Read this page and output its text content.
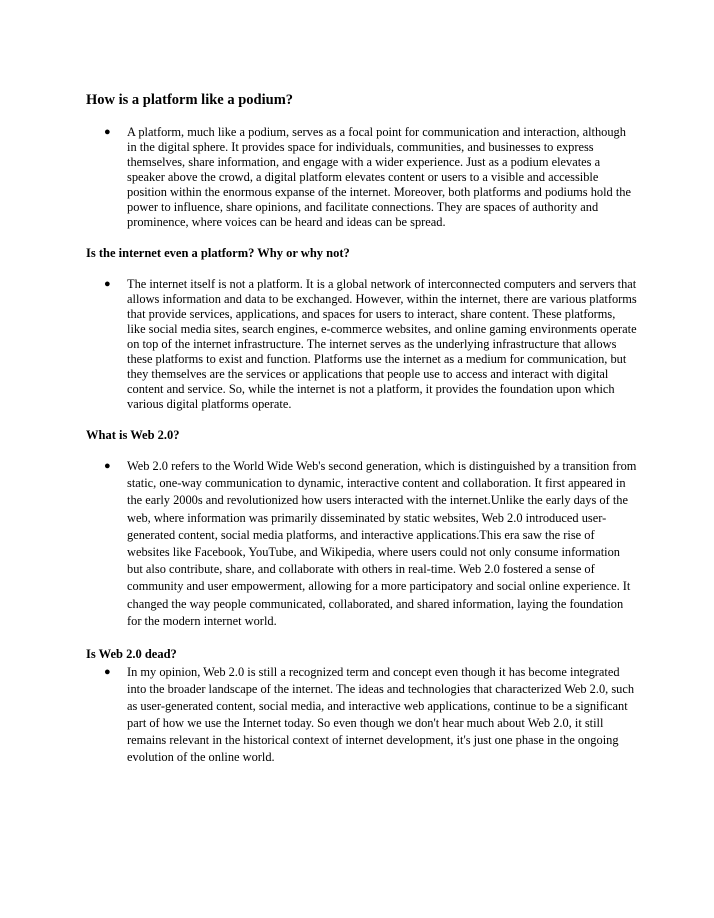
How is a platform like a podium?
● A platform, much like a podium, serves as a focal point for communication and interaction, although in the digital sphere. It provides space for individuals, communities, and businesses to express themselves, share information, and engage with a wider experience. Just as a podium elevates a speaker above the crowd, a digital platform elevates content or users to a visible and accessible position within the enormous expanse of the internet. Moreover, both platforms and podiums hold the power to influence, share opinions, and facilitate connections. They are spaces of authority and prominence, where voices can be heard and ideas can be spread.

Is the internet even a platform? Why or why not?
● The internet itself is not a platform. It is a global network of interconnected computers and servers that allows information and data to be exchanged. However, within the internet, there are various platforms that provide services, applications, and spaces for users to interact, share content. These platforms, like social media sites, search engines, e-commerce websites, and online gaming environments operate on top of the internet infrastructure. The internet serves as the underlying infrastructure that allows these platforms to exist and function. Platforms use the internet as a medium for communication, but they themselves are the services or applications that people use to access and interact with digital content and service. So, while the internet is not a platform, it provides the foundation upon which various digital platforms operate.

What is Web 2.0?
● Web 2.0 refers to the World Wide Web's second generation, which is distinguished by a transition from static, one-way communication to dynamic, interactive content and collaboration. It first appeared in the early 2000s and revolutionized how users interacted with the internet.Unlike the early days of the web, where information was primarily disseminated by static websites, Web 2.0 introduced user-generated content, social media platforms, and interactive applications.This era saw the rise of websites like Facebook, YouTube, and Wikipedia, where users could not only consume information but also contribute, share, and collaborate with others in real-time. Web 2.0 fostered a sense of community and user empowerment, allowing for a more participatory and social online experience. It changed the way people communicated, collaborated, and shared information, laying the foundation for the modern internet world.

Is Web 2.0 dead?
● In my opinion, Web 2.0 is still a recognized term and concept even though it has become integrated into the broader landscape of the internet. The ideas and technologies that characterized Web 2.0, such as user-generated content, social media, and interactive web applications, continue to be a significant part of how we use the Internet today. So even though we don't hear much about Web 2.0, it still remains relevant in the historical context of internet development, it's just one phase in the ongoing evolution of the online world.
